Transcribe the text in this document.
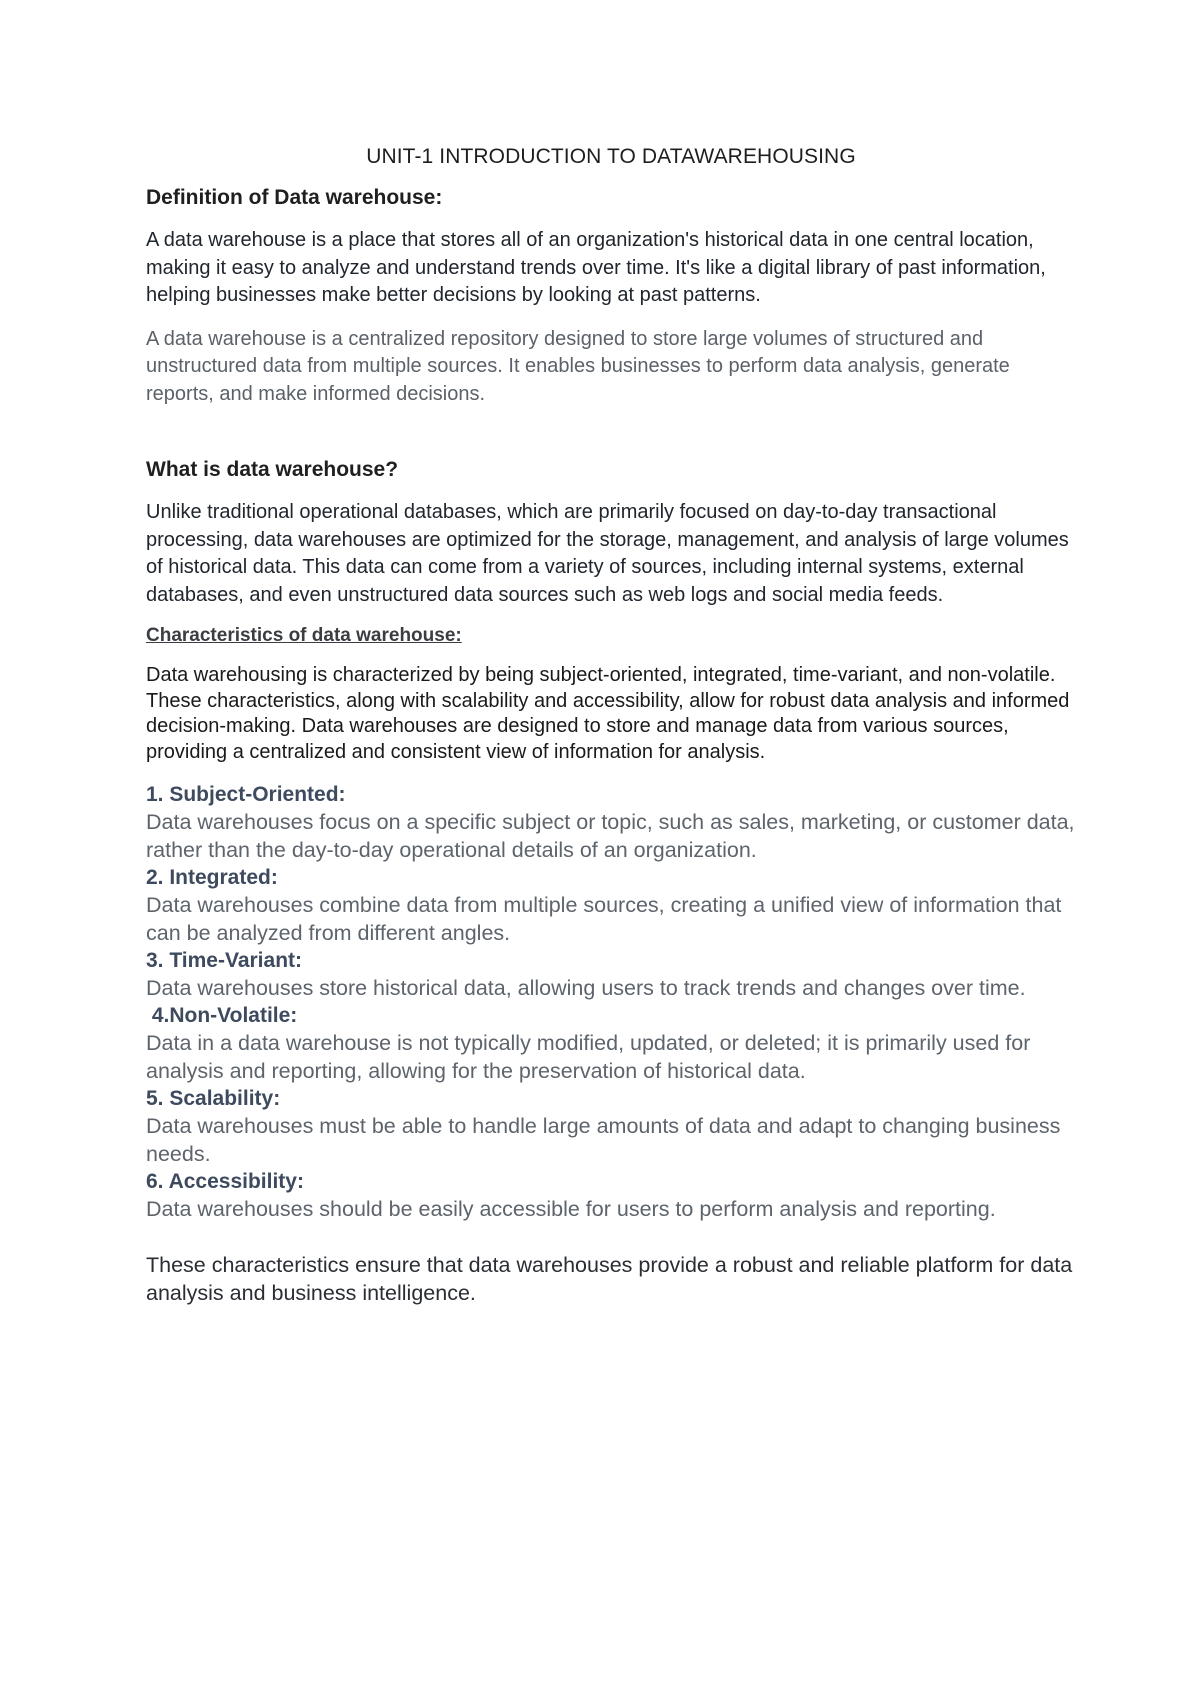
UNIT-1 INTRODUCTION TO DATAWAREHOUSING
Definition of Data warehouse:

A data warehouse is a place that stores all of an organization's historical data in one central location, making it easy to analyze and understand trends over time. It's like a digital library of past information, helping businesses make better decisions by looking at past patterns.

A data warehouse is a centralized repository designed to store large volumes of structured and unstructured data from multiple sources. It enables businesses to perform data analysis, generate reports, and make informed decisions.

What is data warehouse?

Unlike traditional operational databases, which are primarily focused on day-to-day transactional processing, data warehouses are optimized for the storage, management, and analysis of large volumes of historical data. This data can come from a variety of sources, including internal systems, external databases, and even unstructured data sources such as web logs and social media feeds.

Characteristics of data warehouse:

Data warehousing is characterized by being subject-oriented, integrated, time-variant, and non-volatile. These characteristics, along with scalability and accessibility, allow for robust data analysis and informed decision-making. Data warehouses are designed to store and manage data from various sources, providing a centralized and consistent view of information for analysis.

1. Subject-Oriented:

Data warehouses focus on a specific subject or topic, such as sales, marketing, or customer data, rather than the day-to-day operational details of an organization.

2. Integrated:

Data warehouses combine data from multiple sources, creating a unified view of information that can be analyzed from different angles.

3. Time-Variant:

Data warehouses store historical data, allowing users to track trends and changes over time.

4.Non-Volatile:

Data in a data warehouse is not typically modified, updated, or deleted; it is primarily used for analysis and reporting, allowing for the preservation of historical data.

5. Scalability:

Data warehouses must be able to handle large amounts of data and adapt to changing business needs.

6. Accessibility:

Data warehouses should be easily accessible for users to perform analysis and reporting.

These characteristics ensure that data warehouses provide a robust and reliable platform for data analysis and business intelligence.
